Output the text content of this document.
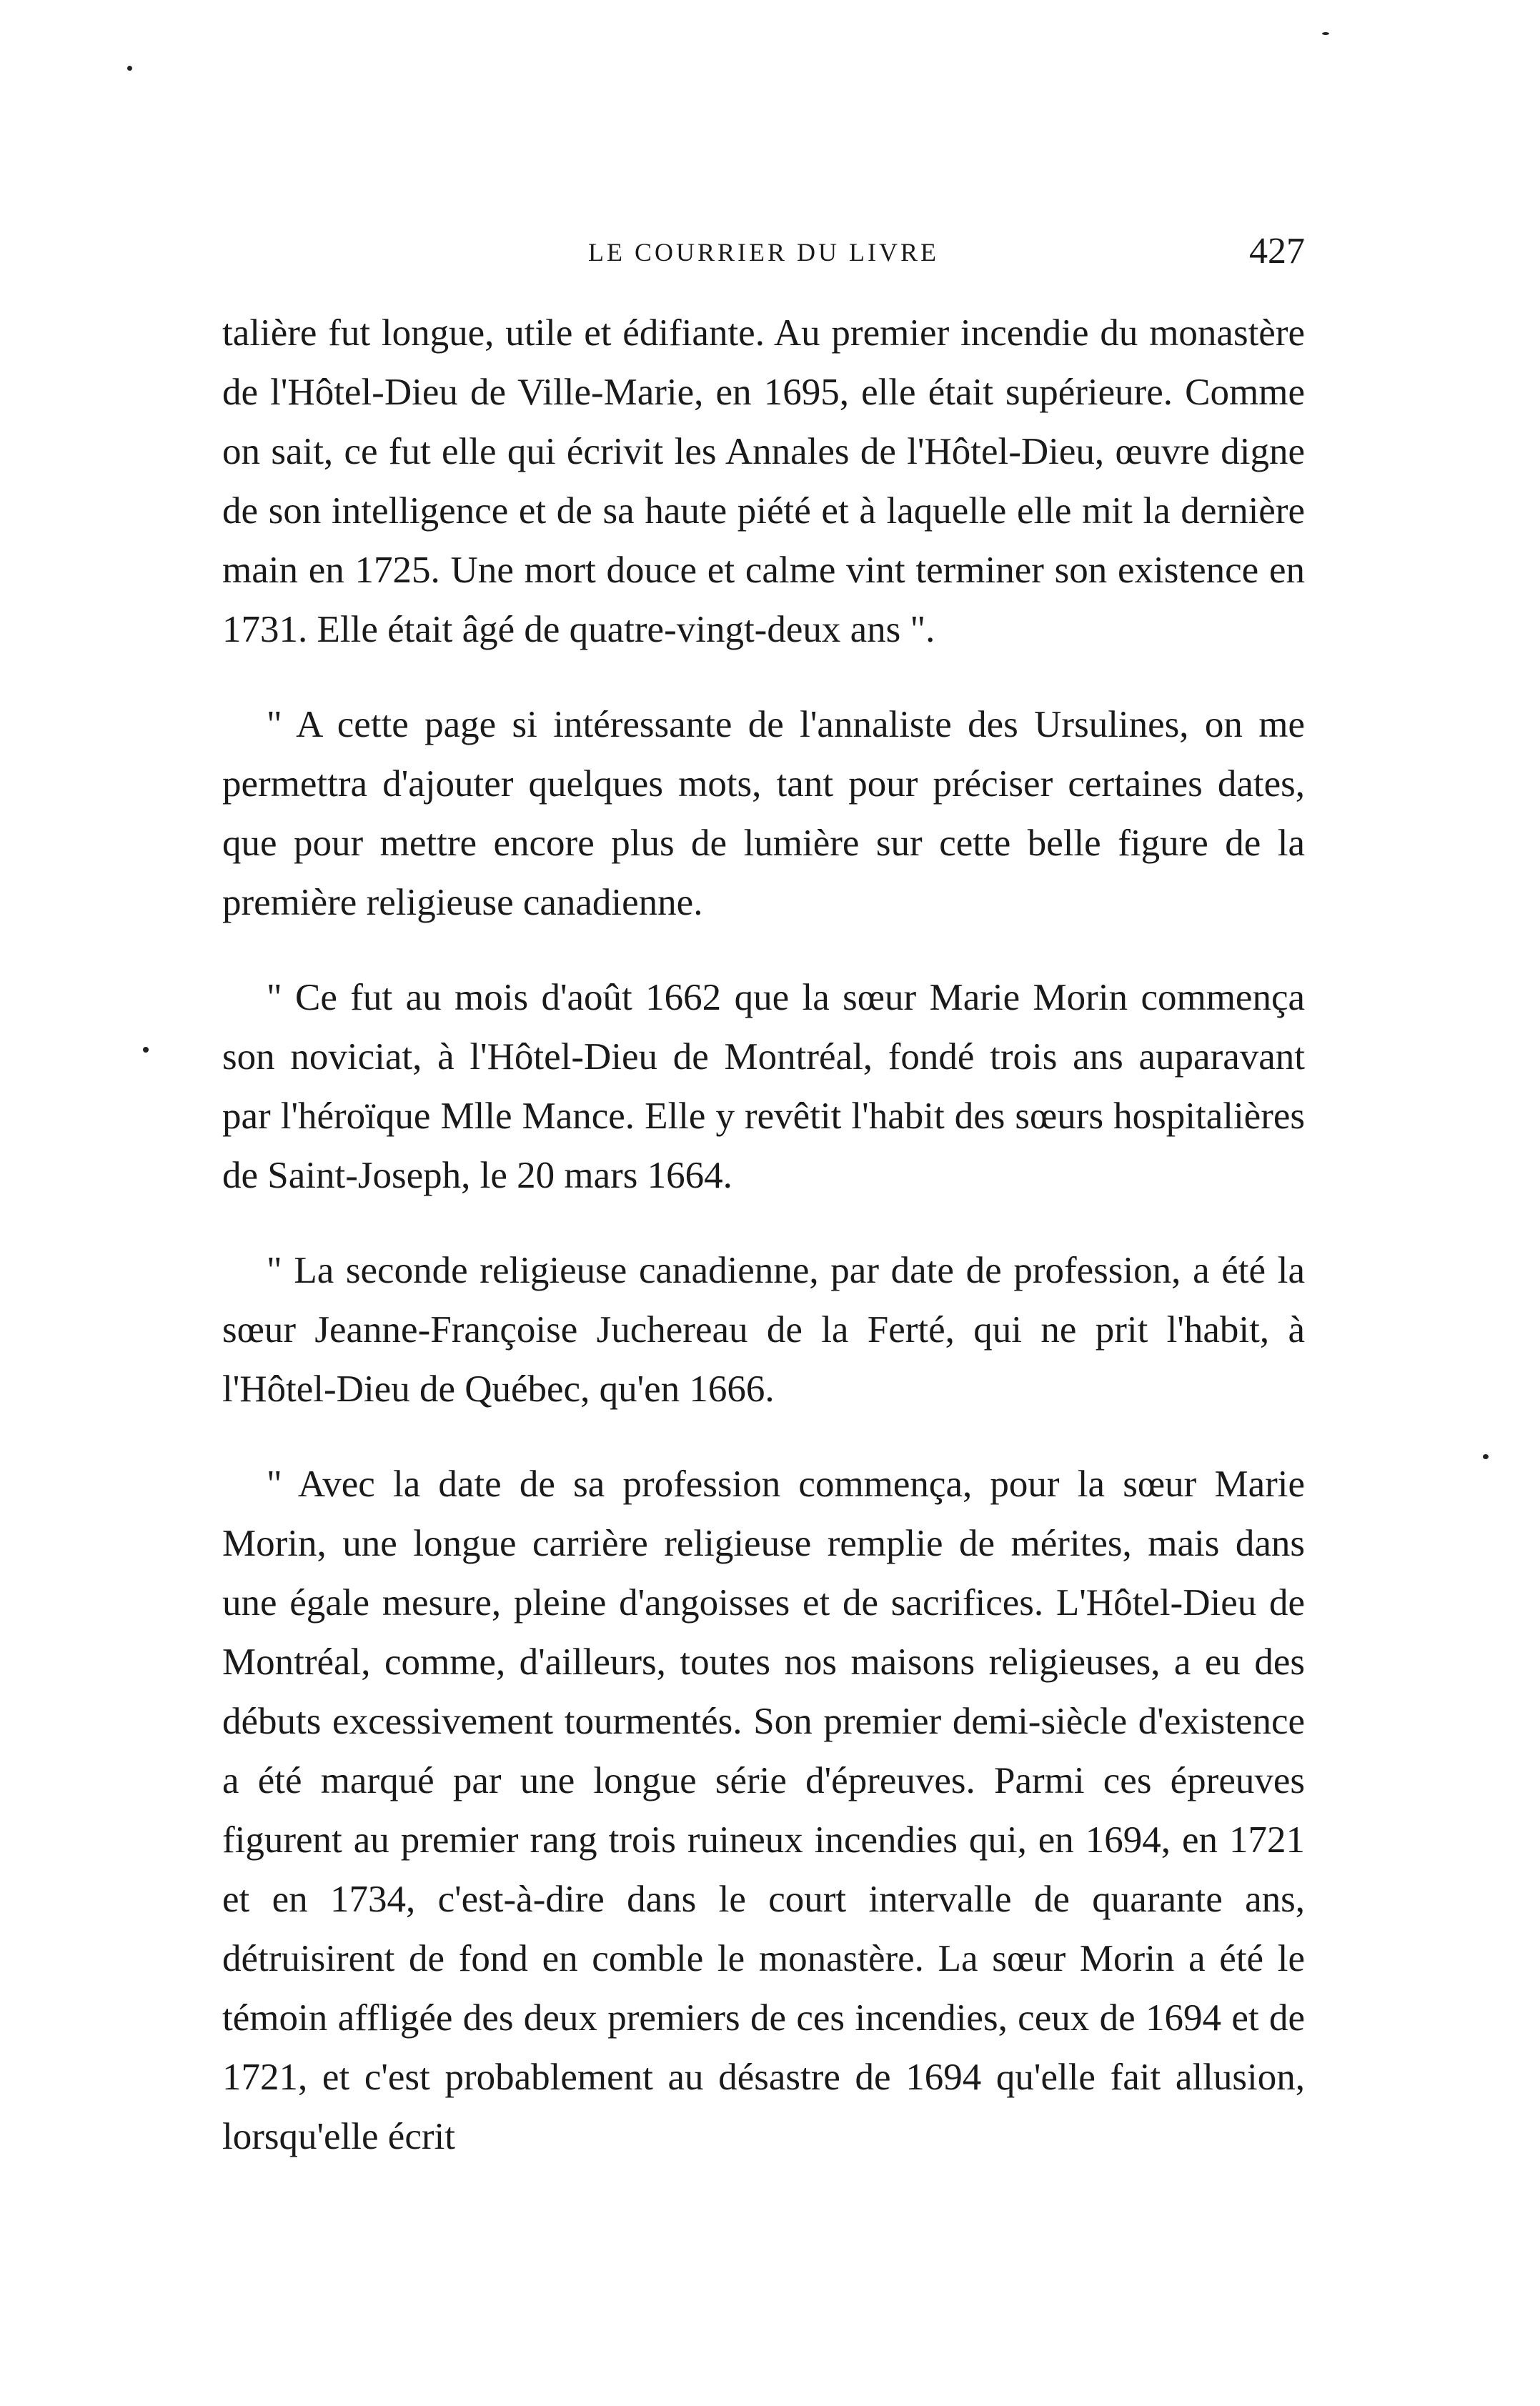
LE COURRIER DU LIVRE	427

talière fut longue, utile et édifiante. Au premier incendie du monastère de l'Hôtel-Dieu de Ville-Marie, en 1695, elle était supérieure. Comme on sait, ce fut elle qui écrivit les Annales de l'Hôtel-Dieu, œuvre digne de son intelligence et de sa haute piété et à laquelle elle mit la dernière main en 1725. Une mort douce et calme vint terminer son existence en 1731. Elle était âgé de quatre-vingt-deux ans ".

" A cette page si intéressante de l'annaliste des Ursulines, on me permettra d'ajouter quelques mots, tant pour préciser certaines dates, que pour mettre encore plus de lumière sur cette belle figure de la première religieuse canadienne.

" Ce fut au mois d'août 1662 que la sœur Marie Morin commença son noviciat, à l'Hôtel-Dieu de Montréal, fondé trois ans auparavant par l'héroïque Mlle Mance. Elle y revêtit l'habit des sœurs hospitalières de Saint-Joseph, le 20 mars 1664.

" La seconde religieuse canadienne, par date de profession, a été la sœur Jeanne-Françoise Juchereau de la Ferté, qui ne prit l'habit, à l'Hôtel-Dieu de Québec, qu'en 1666.

" Avec la date de sa profession commença, pour la sœur Marie Morin, une longue carrière religieuse remplie de mérites, mais dans une égale mesure, pleine d'angoisses et de sacrifices. L'Hôtel-Dieu de Montréal, comme, d'ailleurs, toutes nos maisons religieuses, a eu des débuts excessivement tourmentés. Son premier demi-siècle d'existence a été marqué par une longue série d'épreuves. Parmi ces épreuves figurent au premier rang trois ruineux incendies qui, en 1694, en 1721 et en 1734, c'est-à-dire dans le court intervalle de quarante ans, détruisirent de fond en comble le monastère. La sœur Morin a été le témoin affligée des deux premiers de ces incendies, ceux de 1694 et de 1721, et c'est probablement au désastre de 1694 qu'elle fait allusion, lorsqu'elle écrit
